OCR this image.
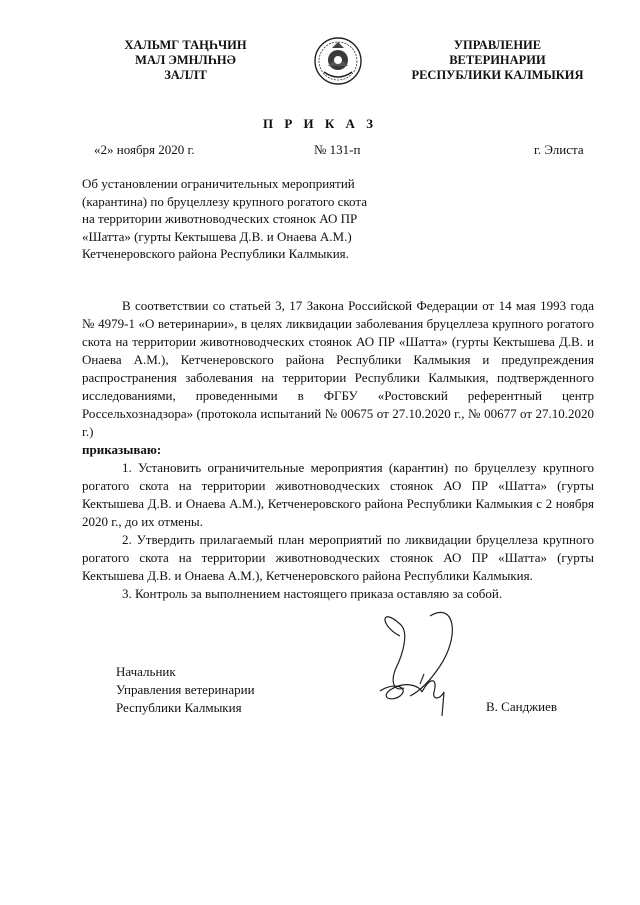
ХАЛЬМГ ТАҢҺЧИН
МАЛ ЭМНЛҺНӘ
ЗАЛЛТ
УПРАВЛЕНИЕ
ВЕТЕРИНАРИИ
РЕСПУБЛИКИ КАЛМЫКИЯ
П Р И К А З
«2» ноября 2020 г.	№ 131-п	г. Элиста
Об установлении ограничительных мероприятий
(карантина) по бруцеллезу крупного рогатого скота
на территории животноводческих стоянок АО ПР
«Шатта» (гурты Кектышева Д.В. и Онаева А.М.)
Кетченеровского района Республики Калмыкия.

В соответствии со статьей 3, 17 Закона Российской Федерации от 14 мая 1993 года № 4979-1 «О ветеринарии», в целях ликвидации заболевания бруцеллеза крупного рогатого скота на территории животноводческих стоянок АО ПР «Шатта» (гурты Кектышева Д.В. и Онаева А.М.), Кетченеровского района Республики Калмыкия и предупреждения распространения заболевания на территории Республики Калмыкия, подтвержденного исследованиями, проведенными в ФГБУ «Ростовский референтный центр Россельхознадзора» (протокола испытаний № 00675 от 27.10.2020 г., № 00677 от 27.10.2020 г.)

приказываю:

1. Установить ограничительные мероприятия (карантин) по бруцеллезу крупного рогатого скота на территории животноводческих стоянок АО ПР «Шатта» (гурты Кектышева Д.В. и Онаева А.М.), Кетченеровского района Республики Калмыкия с 2 ноября 2020 г., до их отмены.

2. Утвердить прилагаемый план мероприятий по ликвидации бруцеллеза крупного рогатого скота на территории животноводческих стоянок АО ПР «Шатта» (гурты Кектышева Д.В. и Онаева А.М.), Кетченеровского района Республики Калмыкия.

3. Контроль за выполнением настоящего приказа оставляю за собой.

Начальник
Управления ветеринарии
Республики Калмыкия	В. Санджиев
